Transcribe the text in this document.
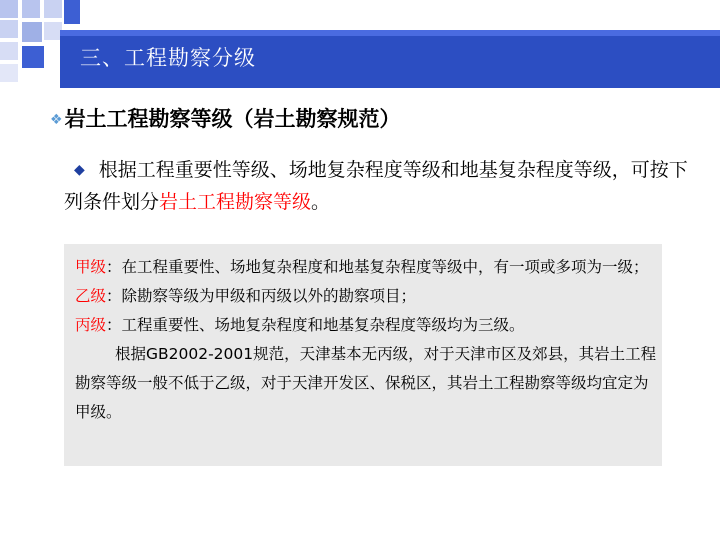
三、工程勘察分级
❖岩土工程勘察等级（岩土勘察规范）
◆ 根据工程重要性等级、场地复杂程度等级和地基复杂程度等级，可按下列条件划分岩土工程勘察等级。

甲级：在工程重要性、场地复杂程度和地基复杂程度等级中，有一项或多项为一级；

乙级：除勘察等级为甲级和丙级以外的勘察项目；

丙级：工程重要性、场地复杂程度和地基复杂程度等级均为三级。

根据GB2002-2001规范，天津基本无丙级，对于天津市区及郊县，其岩土工程勘察等级一般不低于乙级，对于天津开发区、保税区，其岩土工程勘察等级均宜定为甲级。
